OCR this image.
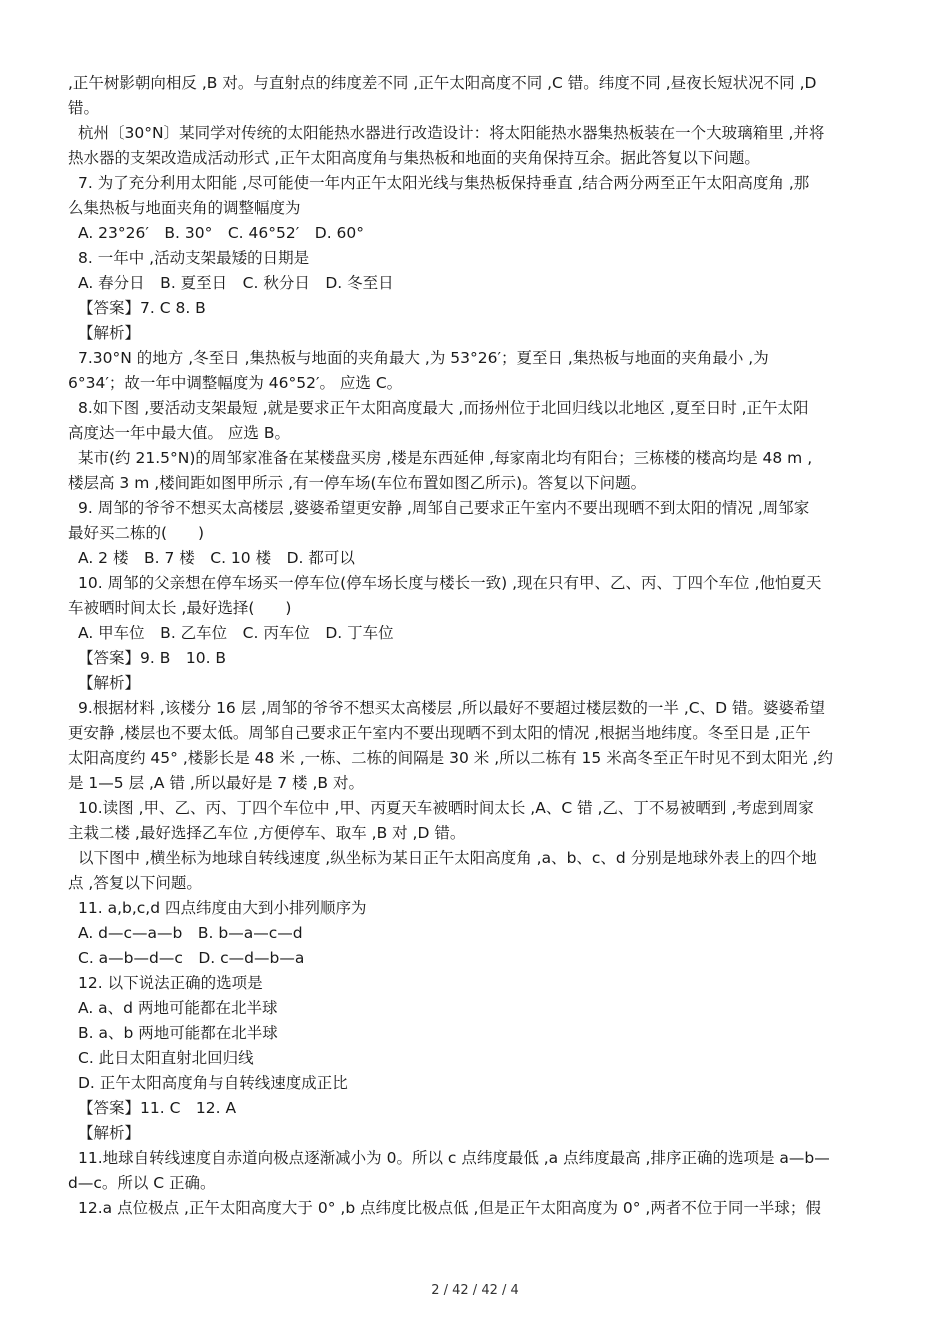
,正午树影朝向相反 ,B 对。与直射点的纬度差不同 ,正午太阳高度不同 ,C 错。纬度不同 ,昼夜长短状况不同 ,D
错。
杭州〔30°N〕某同学对传统的太阳能热水器进行改造设计：将太阳能热水器集热板装在一个大玻璃箱里 ,并将
热水器的支架改造成活动形式 ,正午太阳高度角与集热板和地面的夹角保持互余。据此答复以下问题。
7. 为了充分利用太阳能 ,尽可能使一年内正午太阳光线与集热板保持垂直 ,结合两分两至正午太阳高度角 ,那
么集热板与地面夹角的调整幅度为
A. 23°26′　B. 30°　C. 46°52′　D. 60°
8. 一年中 ,活动支架最矮的日期是
A. 春分日　B. 夏至日　C. 秋分日　D. 冬至日
【答案】7. C 8. B
【解析】
7.30°N 的地方 ,冬至日 ,集热板与地面的夹角最大 ,为 53°26′；夏至日 ,集热板与地面的夹角最小 ,为
6°34′；故一年中调整幅度为 46°52′。 应选 C。
8.如下图 ,要活动支架最短 ,就是要求正午太阳高度最大 ,而扬州位于北回归线以北地区 ,夏至日时 ,正午太阳
高度达一年中最大值。 应选 B。
某市(约 21.5°N)的周邹家准备在某楼盘买房 ,楼是东西延伸 ,每家南北均有阳台；三栋楼的楼高均是 48 m ,
楼层高 3 m ,楼间距如图甲所示 ,有一停车场(车位布置如图乙所示)。答复以下问题。
9. 周邹的爷爷不想买太高楼层 ,婆婆希望更安静 ,周邹自己要求正午室内不要出现晒不到太阳的情况 ,周邹家
最好买二栋的(　　)
A. 2 楼　B. 7 楼　C. 10 楼　D. 都可以
10. 周邹的父亲想在停车场买一停车位(停车场长度与楼长一致) ,现在只有甲、乙、丙、丁四个车位 ,他怕夏天
车被晒时间太长 ,最好选择(　　)
A. 甲车位　B. 乙车位　C. 丙车位　D. 丁车位
【答案】9. B　10. B
【解析】
9.根据材料 ,该楼分 16 层 ,周邹的爷爷不想买太高楼层 ,所以最好不要超过楼层数的一半 ,C、D 错。婆婆希望
更安静 ,楼层也不要太低。周邹自己要求正午室内不要出现晒不到太阳的情况 ,根据当地纬度。冬至日是 ,正午
太阳高度约 45° ,楼影长是 48 米 ,一栋、二栋的间隔是 30 米 ,所以二栋有 15 米高冬至正午时见不到太阳光 ,约
是 1—5 层 ,A 错 ,所以最好是 7 楼 ,B 对。
10.读图 ,甲、乙、丙、丁四个车位中 ,甲、丙夏天车被晒时间太长 ,A、C 错 ,乙、丁不易被晒到 ,考虑到周家
主栽二楼 ,最好选择乙车位 ,方便停车、取车 ,B 对 ,D 错。
以下图中 ,横坐标为地球自转线速度 ,纵坐标为某日正午太阳高度角 ,a、b、c、d 分别是地球外表上的四个地
点 ,答复以下问题。
11. a,b,c,d 四点纬度由大到小排列顺序为
A. d—c—a—b　B. b—a—c—d
C. a—b—d—c　D. c—d—b—a
12. 以下说法正确的选项是
A. a、d 两地可能都在北半球
B. a、b 两地可能都在北半球
C. 此日太阳直射北回归线
D. 正午太阳高度角与自转线速度成正比
【答案】11. C　12. A
【解析】
11.地球自转线速度自赤道向极点逐渐减小为 0。所以 c 点纬度最低 ,a 点纬度最高 ,排序正确的选项是 a—b—
d—c。所以 C 正确。
12.a 点位极点 ,正午太阳高度大于 0° ,b 点纬度比极点低 ,但是正午太阳高度为 0° ,两者不位于同一半球；假
2 / 42 / 42 / 4
